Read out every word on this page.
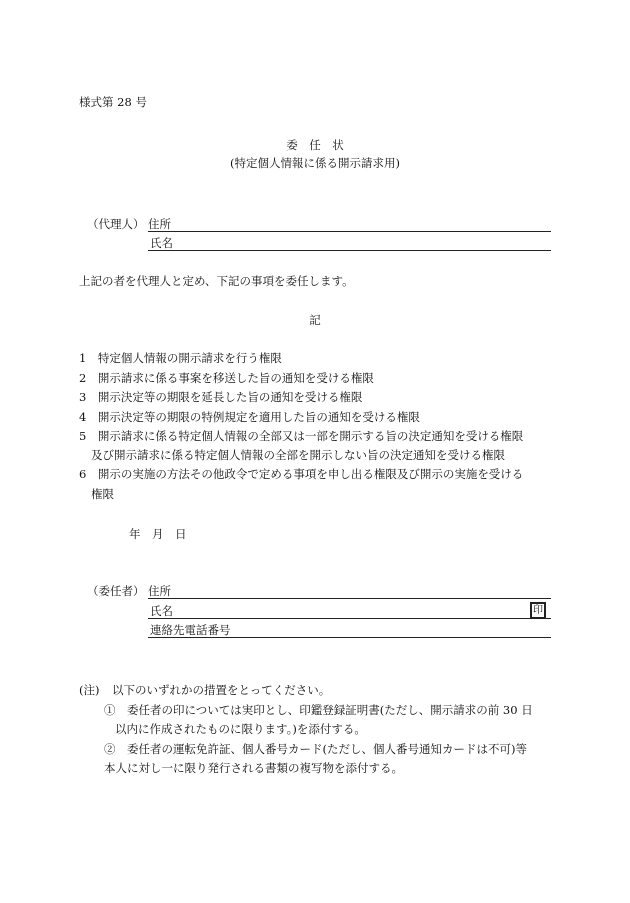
様式第 28 号
委　任　状
(特定個人情報に係る開示請求用)
（代理人） 住所
氏名
上記の者を代理人と定め、下記の事項を委任します。
記
1　特定個人情報の開示請求を行う権限
2　開示請求に係る事案を移送した旨の通知を受ける権限
3　開示決定等の期限を延長した旨の通知を受ける権限
4　開示決定等の期限の特例規定を適用した旨の通知を受ける権限
5　開示請求に係る特定個人情報の全部又は一部を開示する旨の決定通知を受ける権限
及び開示請求に係る特定個人情報の全部を開示しない旨の決定通知を受ける権限
6　開示の実施の方法その他政令で定める事項を申し出る権限及び開示の実施を受ける
権限
年　月　日
（委任者） 住所
氏名	印
連絡先電話番号
(注) 以下のいずれかの措置をとってください。
①　委任者の印については実印とし、印鑑登録証明書(ただし、開示請求の前 30 日
以内に作成されたものに限ります。)を添付する。
②　委任者の運転免許証、個人番号カード(ただし、個人番号通知カードは不可)等
本人に対し一に限り発行される書類の複写物を添付する。
